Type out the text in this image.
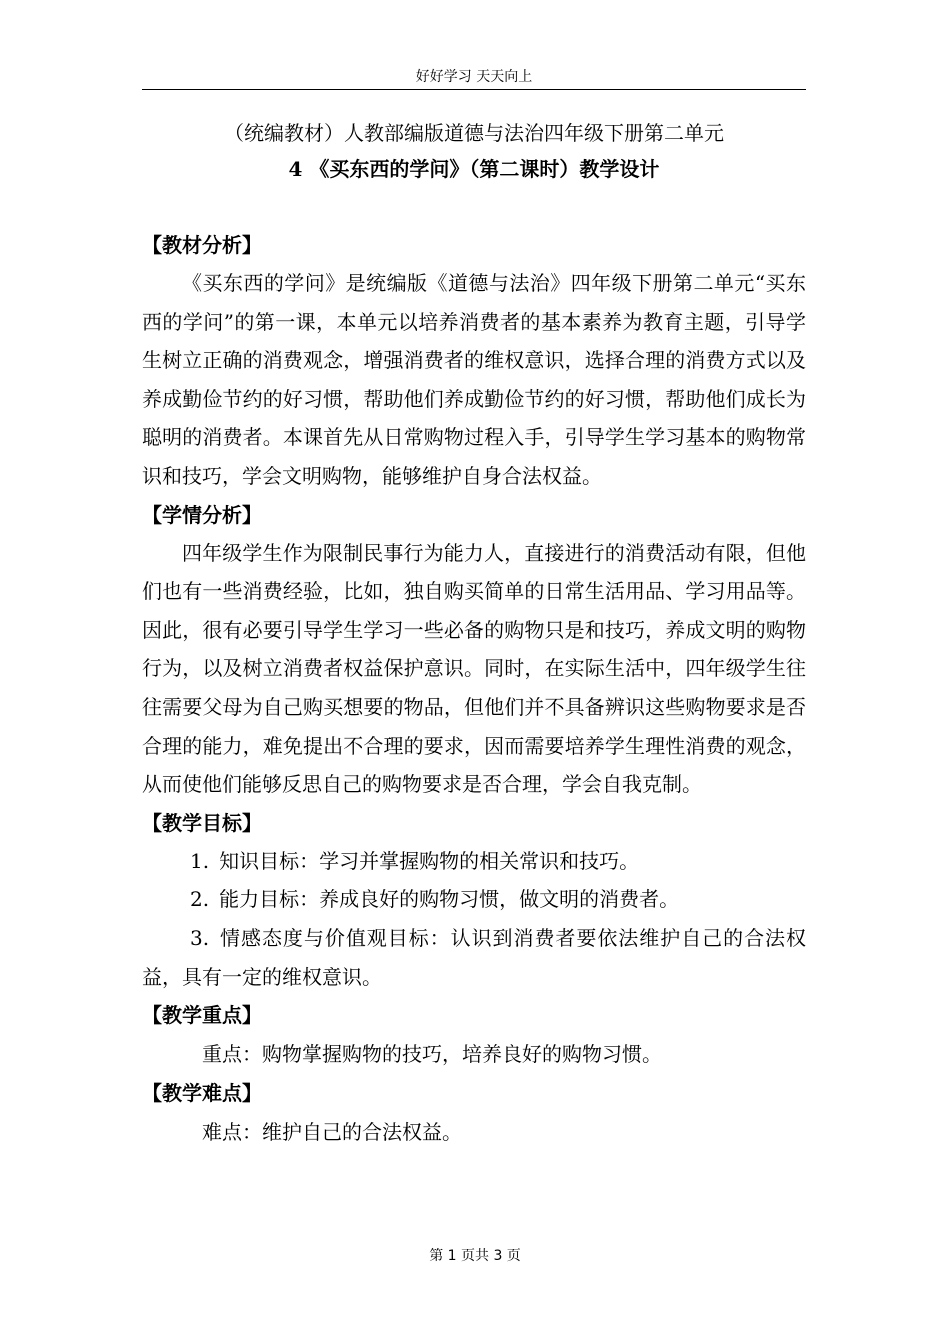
好好学习 天天向上
（统编教材）人教部编版道德与法治四年级下册第二单元
4 《买东西的学问》（第二课时）教学设计
【教材分析】

《买东西的学问》是统编版《道德与法治》四年级下册第二单元“买东西的学问”的第一课，本单元以培养消费者的基本素养为教育主题，引导学生树立正确的消费观念，增强消费者的维权意识，选择合理的消费方式以及养成勤俭节约的好习惯，帮助他们养成勤俭节约的好习惯，帮助他们成长为聪明的消费者。本课首先从日常购物过程入手，引导学生学习基本的购物常识和技巧，学会文明购物，能够维护自身合法权益。

【学情分析】

四年级学生作为限制民事行为能力人，直接进行的消费活动有限，但他们也有一些消费经验，比如，独自购买简单的日常生活用品、学习用品等。因此，很有必要引导学生学习一些必备的购物只是和技巧，养成文明的购物行为，以及树立消费者权益保护意识。同时，在实际生活中，四年级学生往往需要父母为自己购买想要的物品，但他们并不具备辨识这些购物要求是否合理的能力，难免提出不合理的要求，因而需要培养学生理性消费的观念，从而使他们能够反思自己的购物要求是否合理，学会自我克制。

【教学目标】

1. 知识目标：学习并掌握购物的相关常识和技巧。

2. 能力目标：养成良好的购物习惯，做文明的消费者。

3. 情感态度与价值观目标：认识到消费者要依法维护自己的合法权益，具有一定的维权意识。

【教学重点】

重点：购物掌握购物的技巧，培养良好的购物习惯。

【教学难点】

难点：维护自己的合法权益。

第 1 页共 3 页
